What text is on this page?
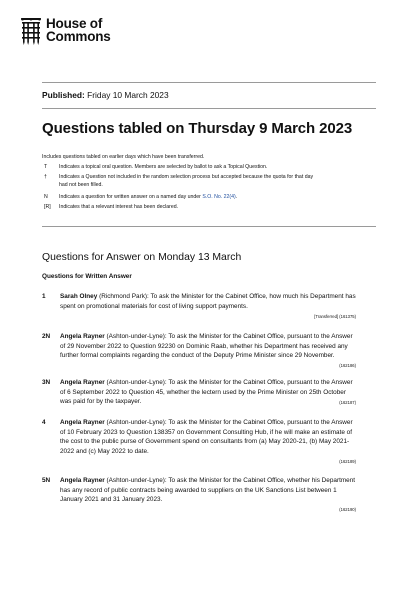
House of
Commons
Published: Friday 10 March 2023
Questions tabled on Thursday 9 March 2023
Includes questions tabled on earlier days which have been transferred.
T	Indicates a topical oral question. Members are selected by ballot to ask a Topical Question.
†	Indicates a Question not included in the random selection process but accepted because the quota for that day had not been filled.
N	Indicates a question for written answer on a named day under S.O. No. 22(4).
[R]	Indicates that a relevant interest has been declared.
Questions for Answer on Monday 13 March
Questions for Written Answer
1 Sarah Olney (Richmond Park): To ask the Minister for the Cabinet Office, how much his Department has spent on promotional materials for cost of living support payments.
[Transferred] (161375)
2N Angela Rayner (Ashton-under-Lyne): To ask the Minister for the Cabinet Office, pursuant to the Answer of 29 November 2022 to Question 92230 on Dominic Raab, whether his Department has received any further formal complaints regarding the conduct of the Deputy Prime Minister since 29 November.
(162186)
3N Angela Rayner (Ashton-under-Lyne): To ask the Minister for the Cabinet Office, pursuant to the Answer of 6 September 2022 to Question 45, whether the lectern used by the Prime Minister on 25th October was paid for by the taxpayer.	(162187)
4 Angela Rayner (Ashton-under-Lyne): To ask the Minister for the Cabinet Office, pursuant to the Answer of 10 February 2023 to Question 138357 on Government Consulting Hub, if he will make an estimate of the cost to the public purse of Government spend on consultants from (a) May 2020-21, (b) May 2021-2022 and (c) May 2022 to date.
(162189)
5N Angela Rayner (Ashton-under-Lyne): To ask the Minister for the Cabinet Office, whether his Department has any record of public contracts being awarded to suppliers on the UK Sanctions List between 1 January 2021 and 31 January 2023.
(162190)
